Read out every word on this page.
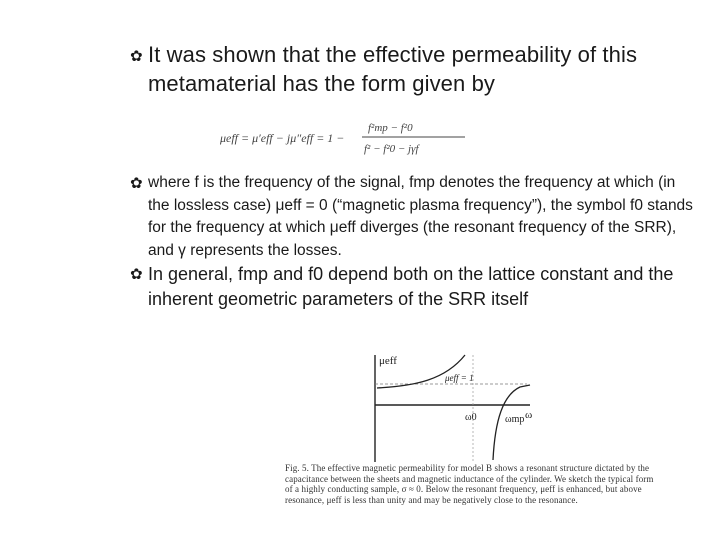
✿ It was shown that the effective permeability of this metamaterial has the form given by
μeff = μ′eff − jμ″eff = 1 −
f²mp − f²0
f² − f²0 − jγf
✿ where f is the frequency of the signal, fmp denotes the frequency at which (in the lossless case) μeff = 0 (“magnetic plasma frequency”), the symbol f0 stands for the frequency at which μeff diverges (the resonant frequency of the SRR), and γ represents the losses.
✿ In general, fmp and f0 depend both on the lattice constant and the inherent geometric parameters of the SRR itself
μeff
μeff = 1
ω
ω0	ωmp
Fig. 5. The effective magnetic permeability for model B shows a resonant structure dictated by the capacitance between the sheets and magnetic inductance of the cylinder. We sketch the typical form of a highly conducting sample, σ ≈ 0. Below the resonant frequency, μeff is enhanced, but above resonance, μeff is less than unity and may be negatively close to the resonance.
